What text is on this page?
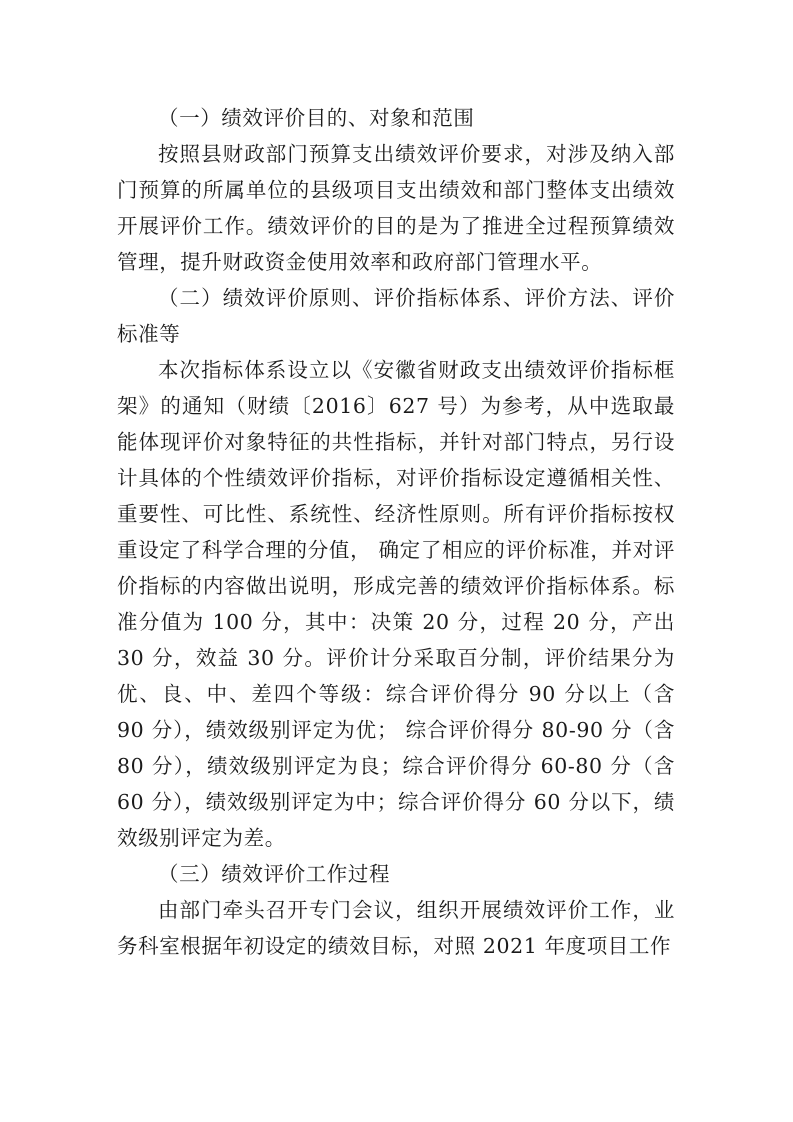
（一）绩效评价目的、对象和范围

按照县财政部门预算支出绩效评价要求，对涉及纳入部门预算的所属单位的县级项目支出绩效和部门整体支出绩效开展评价工作。绩效评价的目的是为了推进全过程预算绩效管理，提升财政资金使用效率和政府部门管理水平。

（二）绩效评价原则、评价指标体系、评价方法、评价标准等

本次指标体系设立以《安徽省财政支出绩效评价指标框架》的通知（财绩〔2016〕627 号）为参考，从中选取最能体现评价对象特征的共性指标，并针对部门特点，另行设计具体的个性绩效评价指标，对评价指标设定遵循相关性、重要性、可比性、系统性、经济性原则。所有评价指标按权重设定了科学合理的分值， 确定了相应的评价标准，并对评价指标的内容做出说明，形成完善的绩效评价指标体系。标准分值为 100 分，其中：决策 20 分，过程 20 分，产出 30 分，效益 30 分。评价计分采取百分制，评价结果分为优、良、中、差四个等级：综合评价得分 90 分以上（含 90 分），绩效级别评定为优； 综合评价得分 80-90 分（含 80 分），绩效级别评定为良；综合评价得分 60-80 分（含 60 分），绩效级别评定为中；综合评价得分 60 分以下，绩效级别评定为差。

（三）绩效评价工作过程

由部门牵头召开专门会议，组织开展绩效评价工作，业务科室根据年初设定的绩效目标，对照 2021 年度项目工作
